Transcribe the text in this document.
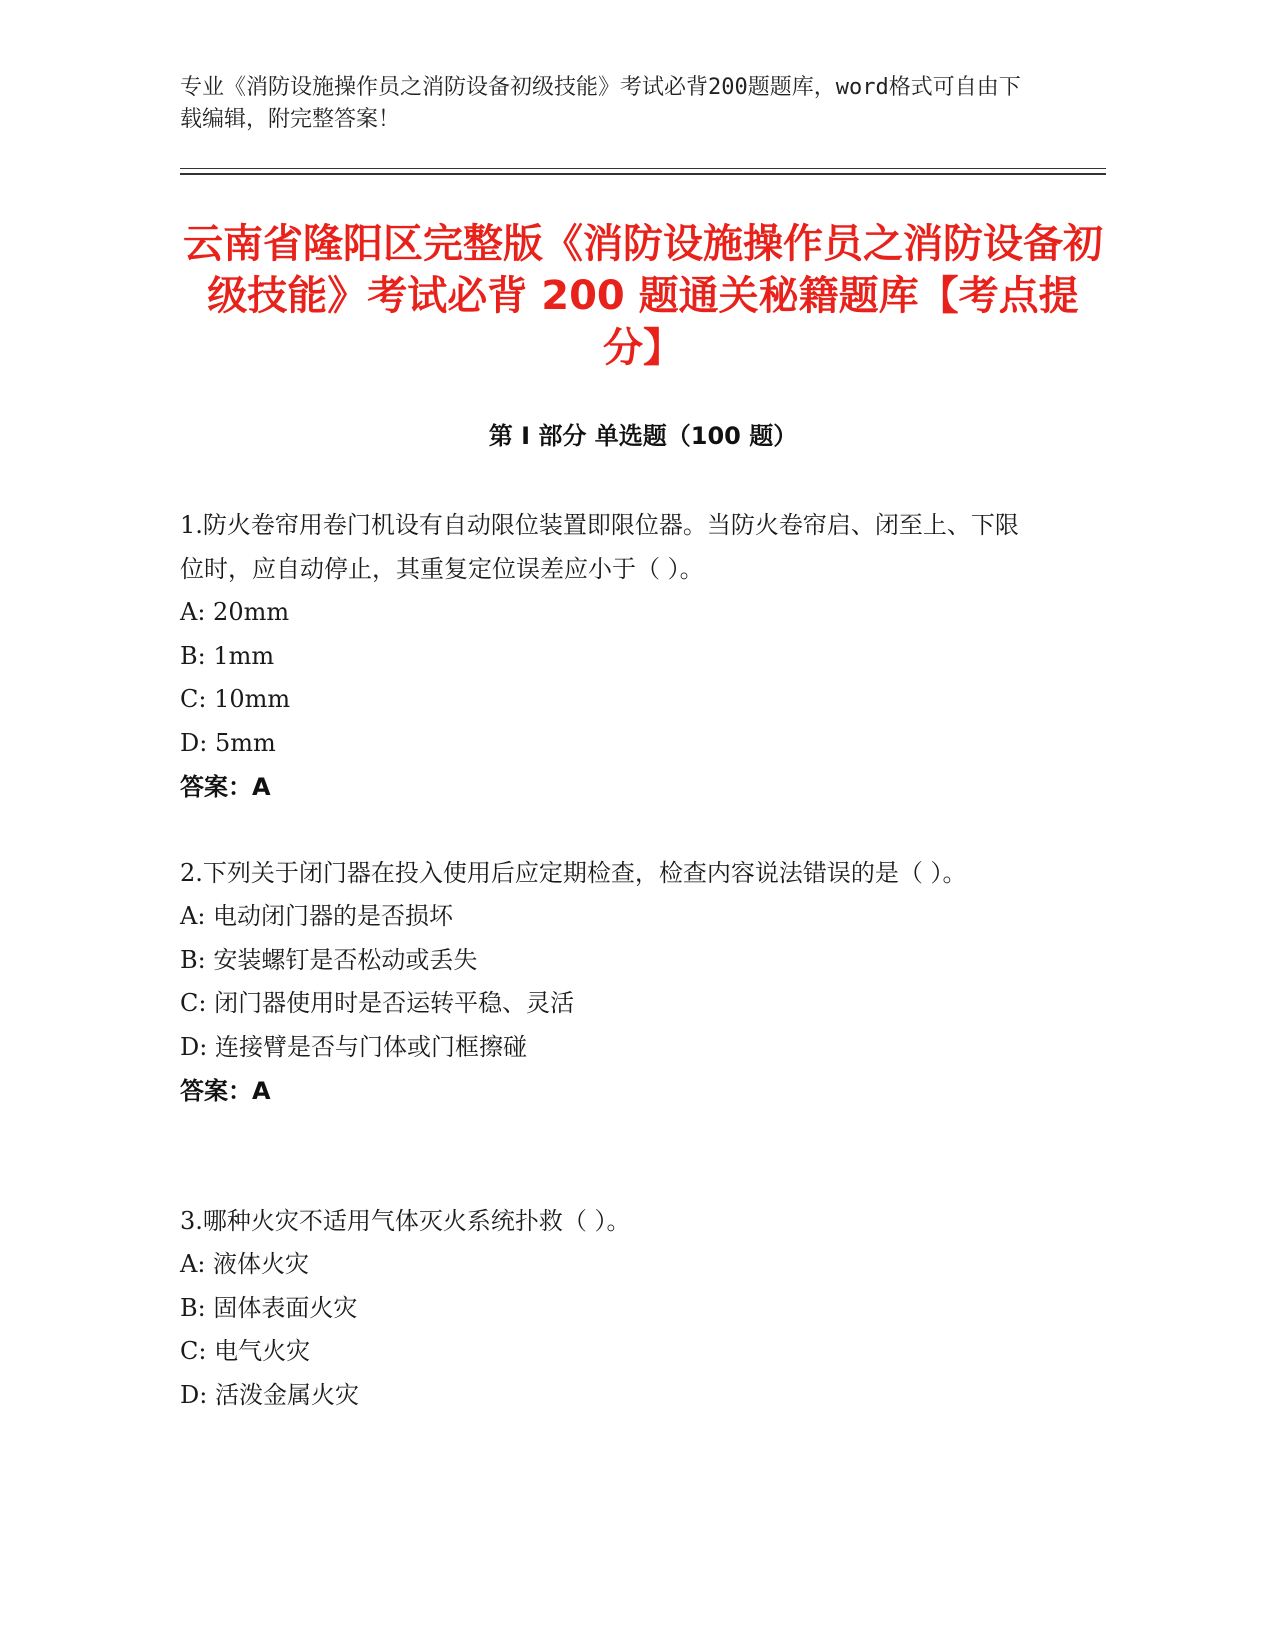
专业《消防设施操作员之消防设备初级技能》考试必背200题题库，word格式可自由下载编辑，附完整答案！
云南省隆阳区完整版《消防设施操作员之消防设备初级技能》考试必背 200 题通关秘籍题库【考点提分】
第 I 部分 单选题（100 题）

1.防火卷帘用卷门机设有自动限位装置即限位器。当防火卷帘启、闭至上、下限位时，应自动停止，其重复定位误差应小于（ ）。

A: 20mm

B: 1mm

C: 10mm

D: 5mm

答案：A

2.下列关于闭门器在投入使用后应定期检查，检查内容说法错误的是（ ）。

A: 电动闭门器的是否损坏

B: 安装螺钉是否松动或丢失

C: 闭门器使用时是否运转平稳、灵活

D: 连接臂是否与门体或门框擦碰

答案：A

3.哪种火灾不适用气体灭火系统扑救（ ）。

A: 液体火灾

B: 固体表面火灾

C: 电气火灾

D: 活泼金属火灾
